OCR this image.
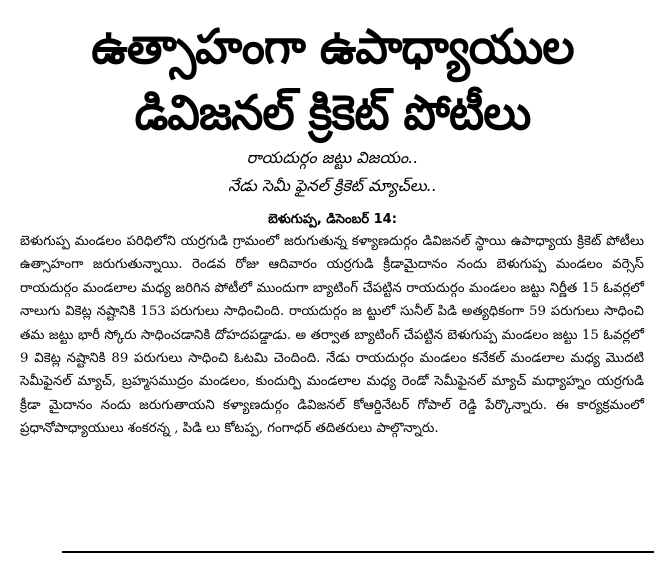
ఉత్సాహంగా ఉపాధ్యాయుల
డివిజనల్ క్రికెట్ పోటీలు
రాయదుర్గం జట్టు విజయం..
నేడు సెమీ ఫైనల్ క్రికెట్ మ్యాచ్‌లు..
బెళుగుప్ప, డిసెంబర్ 14:
బెళుగుప్ప మండలం పరిధిలోని యర్రగుడి గ్రామంలో జరుగుతున్న కళ్యాణదుర్గం డివిజనల్ స్థాయి ఉపాధ్యాయ క్రికెట్ పోటీలు ఉత్సాహంగా జరుగుతున్నాయి. రెండవ రోజు ఆదివారం యర్రగుడి క్రీడామైదానం నందు బెళుగుప్ప మండలం వర్సెస్ రాయదుర్గం మండలాల మధ్య జరిగిన పోటీలో ముందుగా బ్యాటింగ్ చేపట్టిన రాయదుర్గం మండలం జట్టు నిర్ణీత 15 ఓవర్లలో నాలుగు వికెట్ల నష్టానికి 153 పరుగులు సాధించింది. రాయదుర్గం జ ట్టులో సునీల్ పిడి అత్యధికంగా 59 పరుగులు సాధించి తమ జట్టు భారీ స్కోరు సాధించడానికి దోహదపడ్డాడు. అ తర్వాత బ్యాటింగ్ చేపట్టిన బెళుగుప్ప మండలం జట్టు 15 ఓవర్లలో 9 వికెట్ల నష్టానికి 89 పరుగులు సాధించి ఓటమి చెందింది. నేడు రాయదుర్గం మండలం కనేకల్ మండలాల మధ్య మొదటి సెమీఫైనల్ మ్యాచ్, బ్రహ్మసముద్రం మండలం, కుందుర్పి మండలాల మధ్య రెండో సెమీఫైనల్ మ్యాచ్ మధ్యాహ్నం యర్రగుడి క్రీడా మైదానం నందు జరుగుతాయని కళ్యాణదుర్గం డివిజనల్ కోఆర్డినేటర్ గోపాల్ రెడ్డి పేర్కొన్నారు. ఈ కార్యక్రమంలో ప్రధానోపాధ్యాయులు శంకరన్న , పిడి లు కోటప్ప, గంగాధర్ తదితరులు పాల్గొన్నారు.
